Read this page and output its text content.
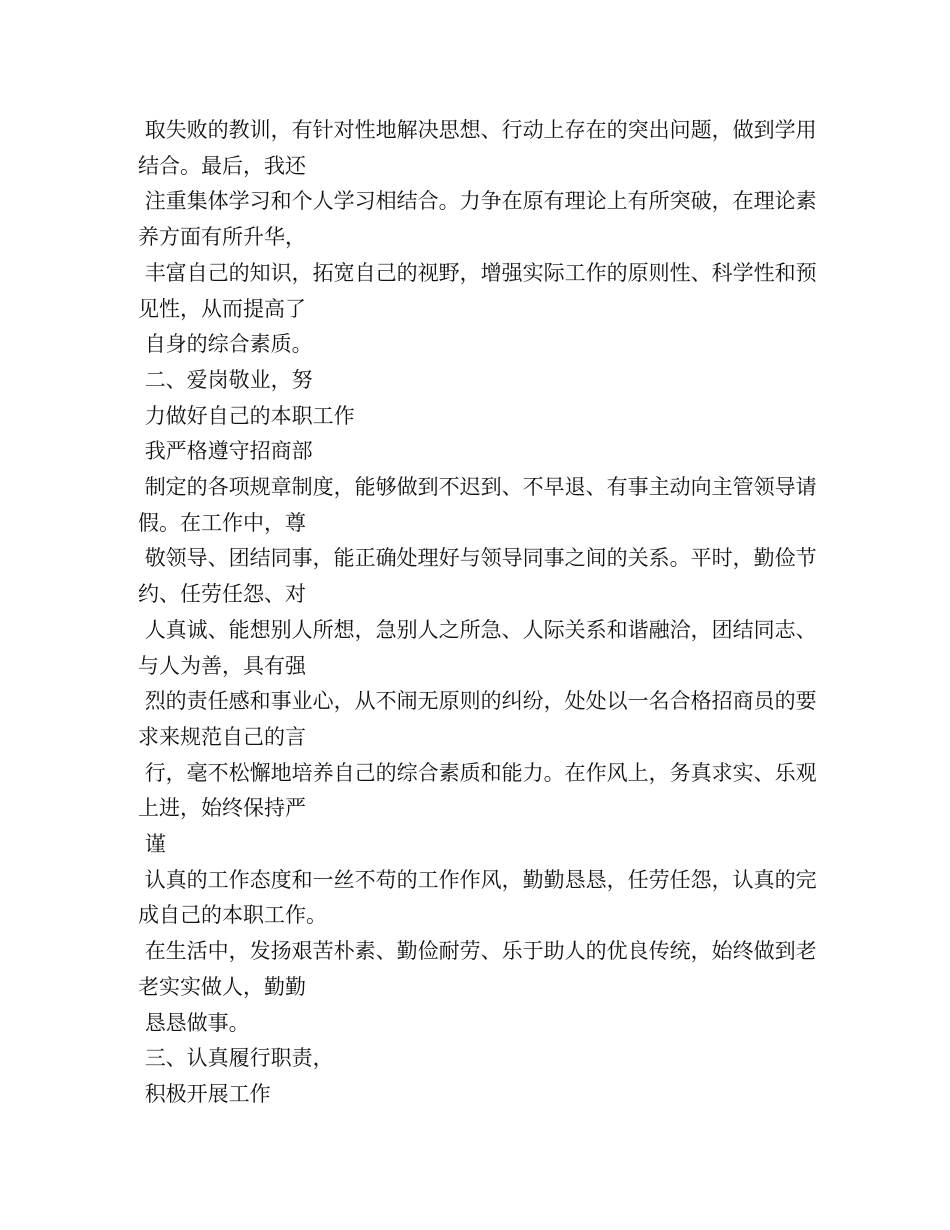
取失败的教训，有针对性地解决思想、行动上存在的突出问题，做到学用结合。最后，我还

注重集体学习和个人学习相结合。力争在原有理论上有所突破，在理论素养方面有所升华，

丰富自己的知识，拓宽自己的视野，增强实际工作的原则性、科学性和预见性，从而提高了

自身的综合素质。

二、爱岗敬业，努

力做好自己的本职工作

我严格遵守招商部

制定的各项规章制度，能够做到不迟到、不早退、有事主动向主管领导请假。在工作中，尊

敬领导、团结同事，能正确处理好与领导同事之间的关系。平时，勤俭节约、任劳任怨、对

人真诚、能想别人所想，急别人之所急、人际关系和谐融洽，团结同志、与人为善，具有强

烈的责任感和事业心，从不闹无原则的纠纷，处处以一名合格招商员的要求来规范自己的言

行，毫不松懈地培养自己的综合素质和能力。在作风上，务真求实、乐观上进，始终保持严

谨

认真的工作态度和一丝不苟的工作作风，勤勤恳恳，任劳任怨，认真的完成自己的本职工作。

在生活中，发扬艰苦朴素、勤俭耐劳、乐于助人的优良传统，始终做到老老实实做人，勤勤

恳恳做事。

三、认真履行职责，

积极开展工作
